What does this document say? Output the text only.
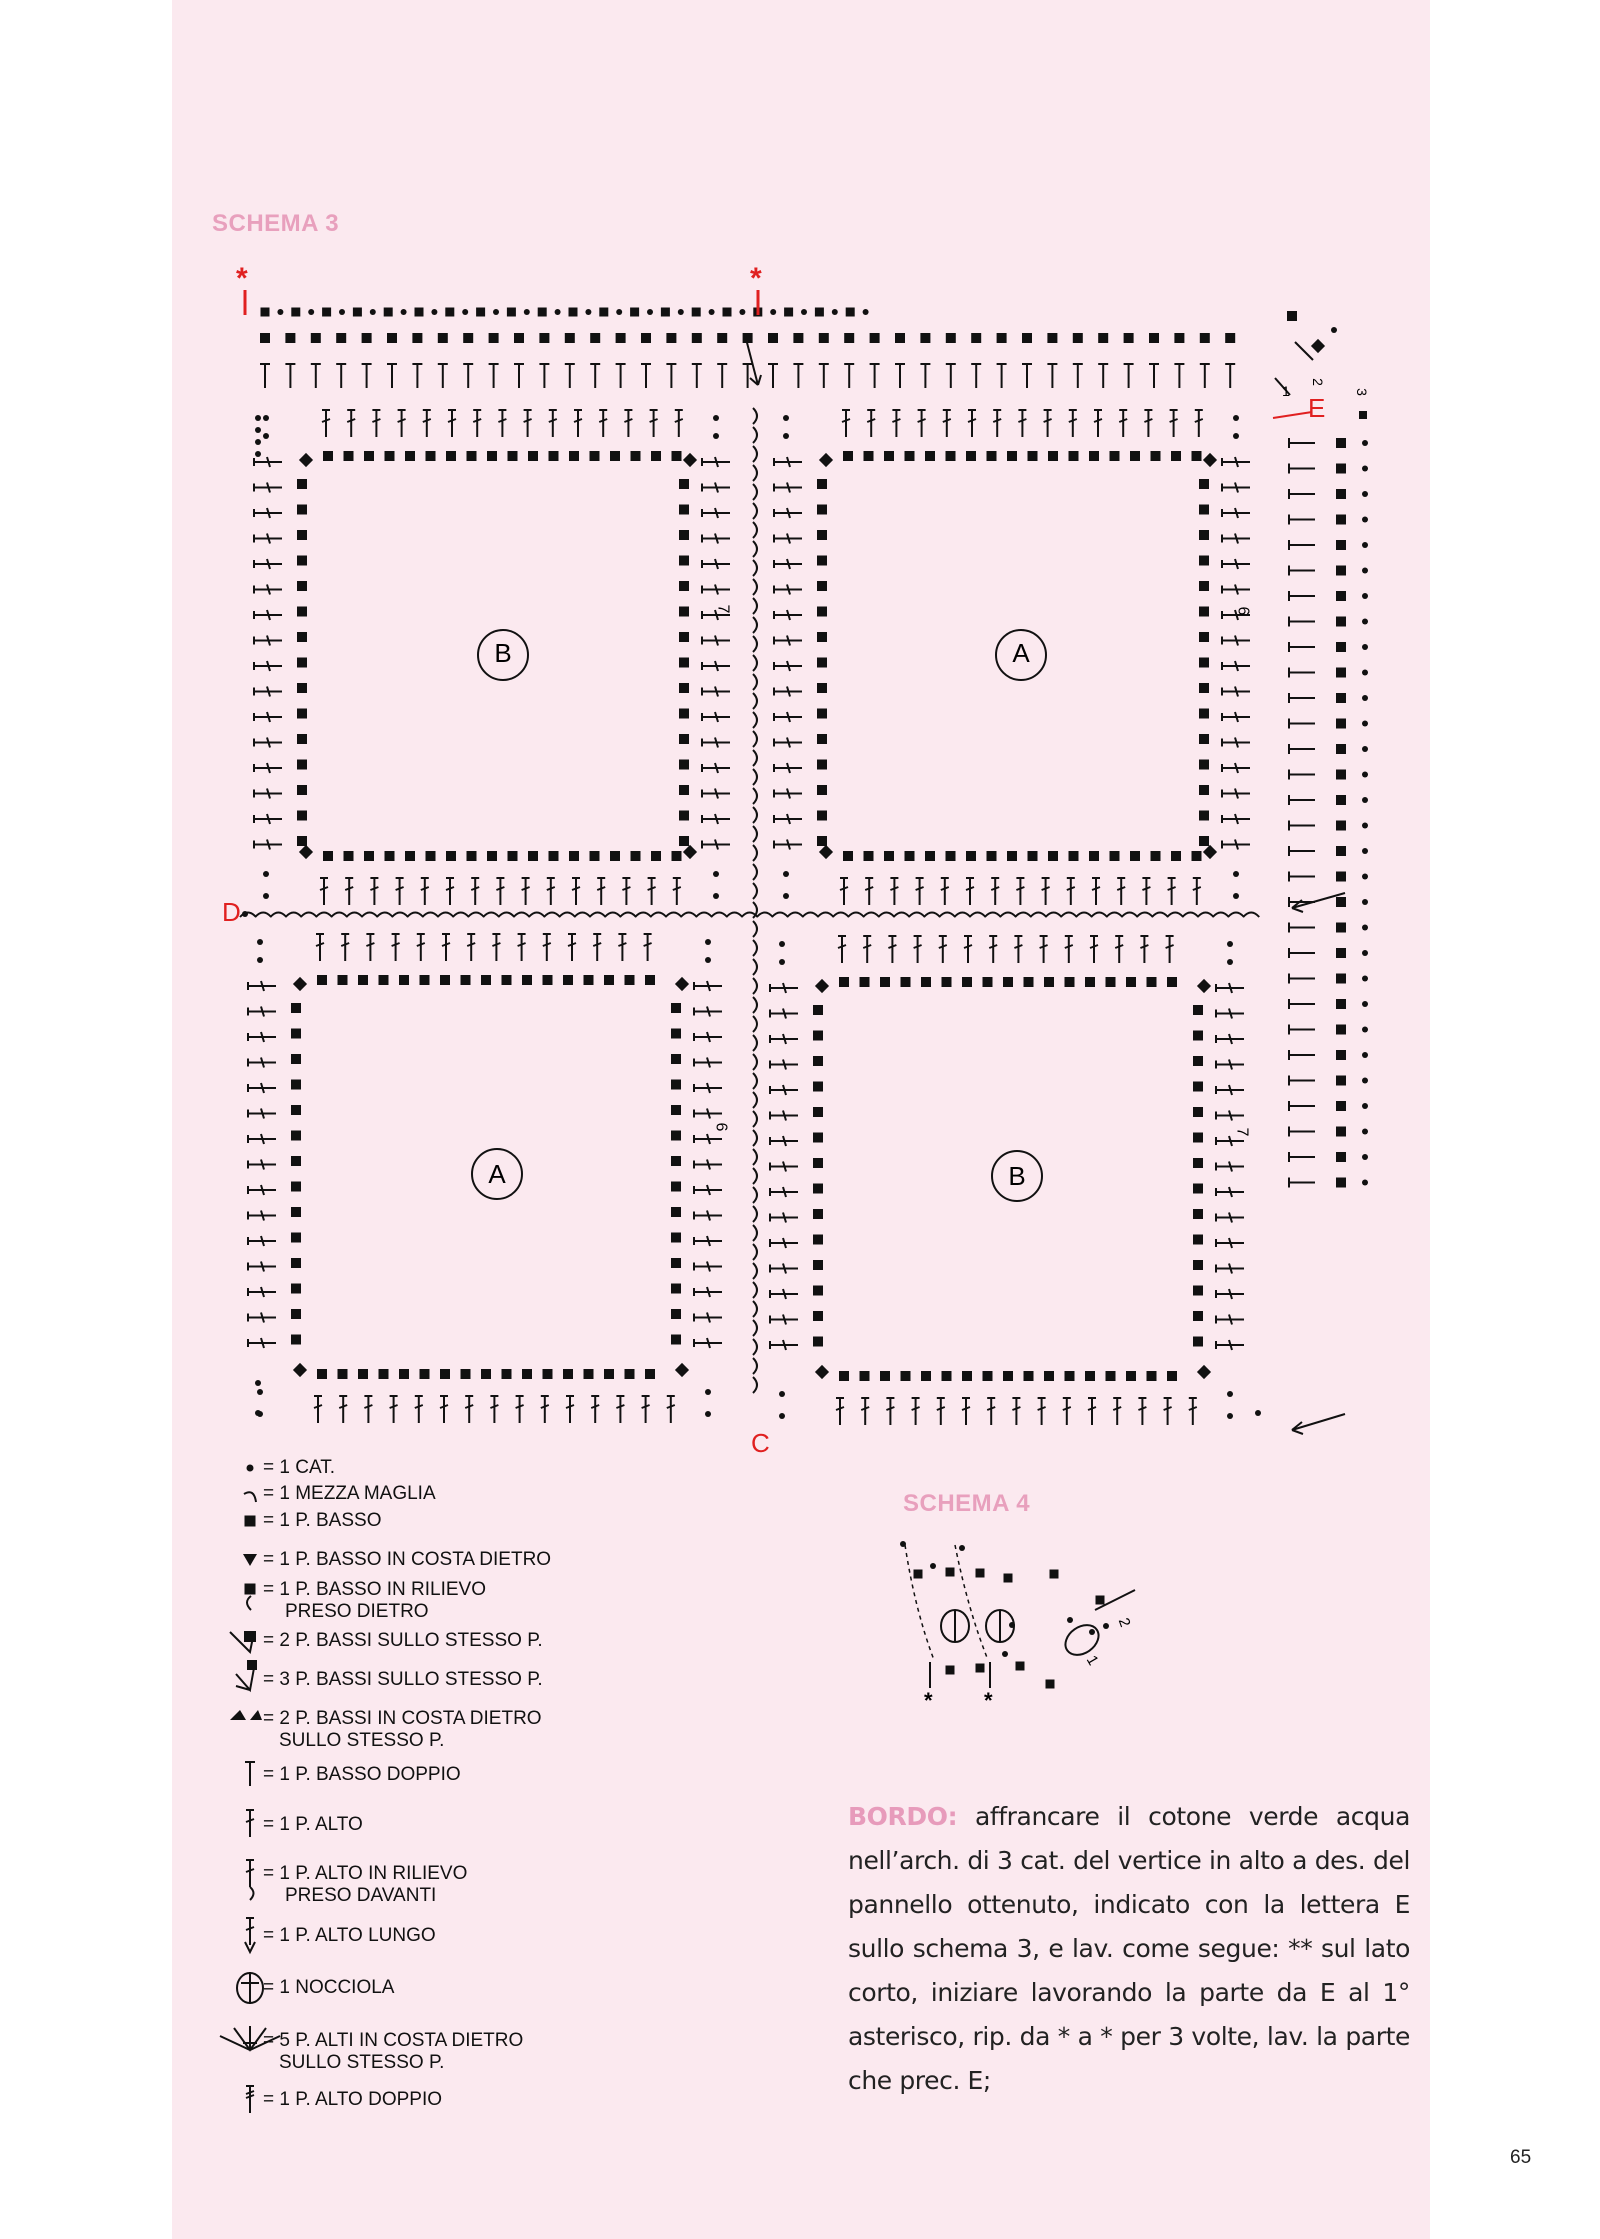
SCHEMA 3
SCHEMA 4
E
D
C
*	*
B	A
A	B
7	6
6
7
1
2
3
2
1
* *
= 1 CAT.
= 1 MEZZA MAGLIA
= 1 P. BASSO
= 1 P. BASSO IN COSTA DIETRO
= 1 P. BASSO IN RILIEVO
PRESO DIETRO
= 2 P. BASSI SULLO STESSO P.
= 3 P. BASSI SULLO STESSO P.
= 2 P. BASSI IN COSTA DIETRO
SULLO STESSO P.
= 1 P. BASSO DOPPIO
= 1 P. ALTO
= 1 P. ALTO IN RILIEVO
PRESO DAVANTI
= 1 P. ALTO LUNGO
= 1 NOCCIOLA
= 5 P. ALTI IN COSTA DIETRO
SULLO STESSO P.
= 1 P. ALTO DOPPIO
BORDO: affrancare il cotone verde acqua nell’arch. di 3 cat. del vertice in alto a des. del pannello ottenuto, indicato con la lettera E sullo schema 3, e lav. come segue: ** sul lato corto, iniziare lavorando la parte da E al 1° asterisco, rip. da * a * per 3 volte, lav. la parte che prec. E;
65
